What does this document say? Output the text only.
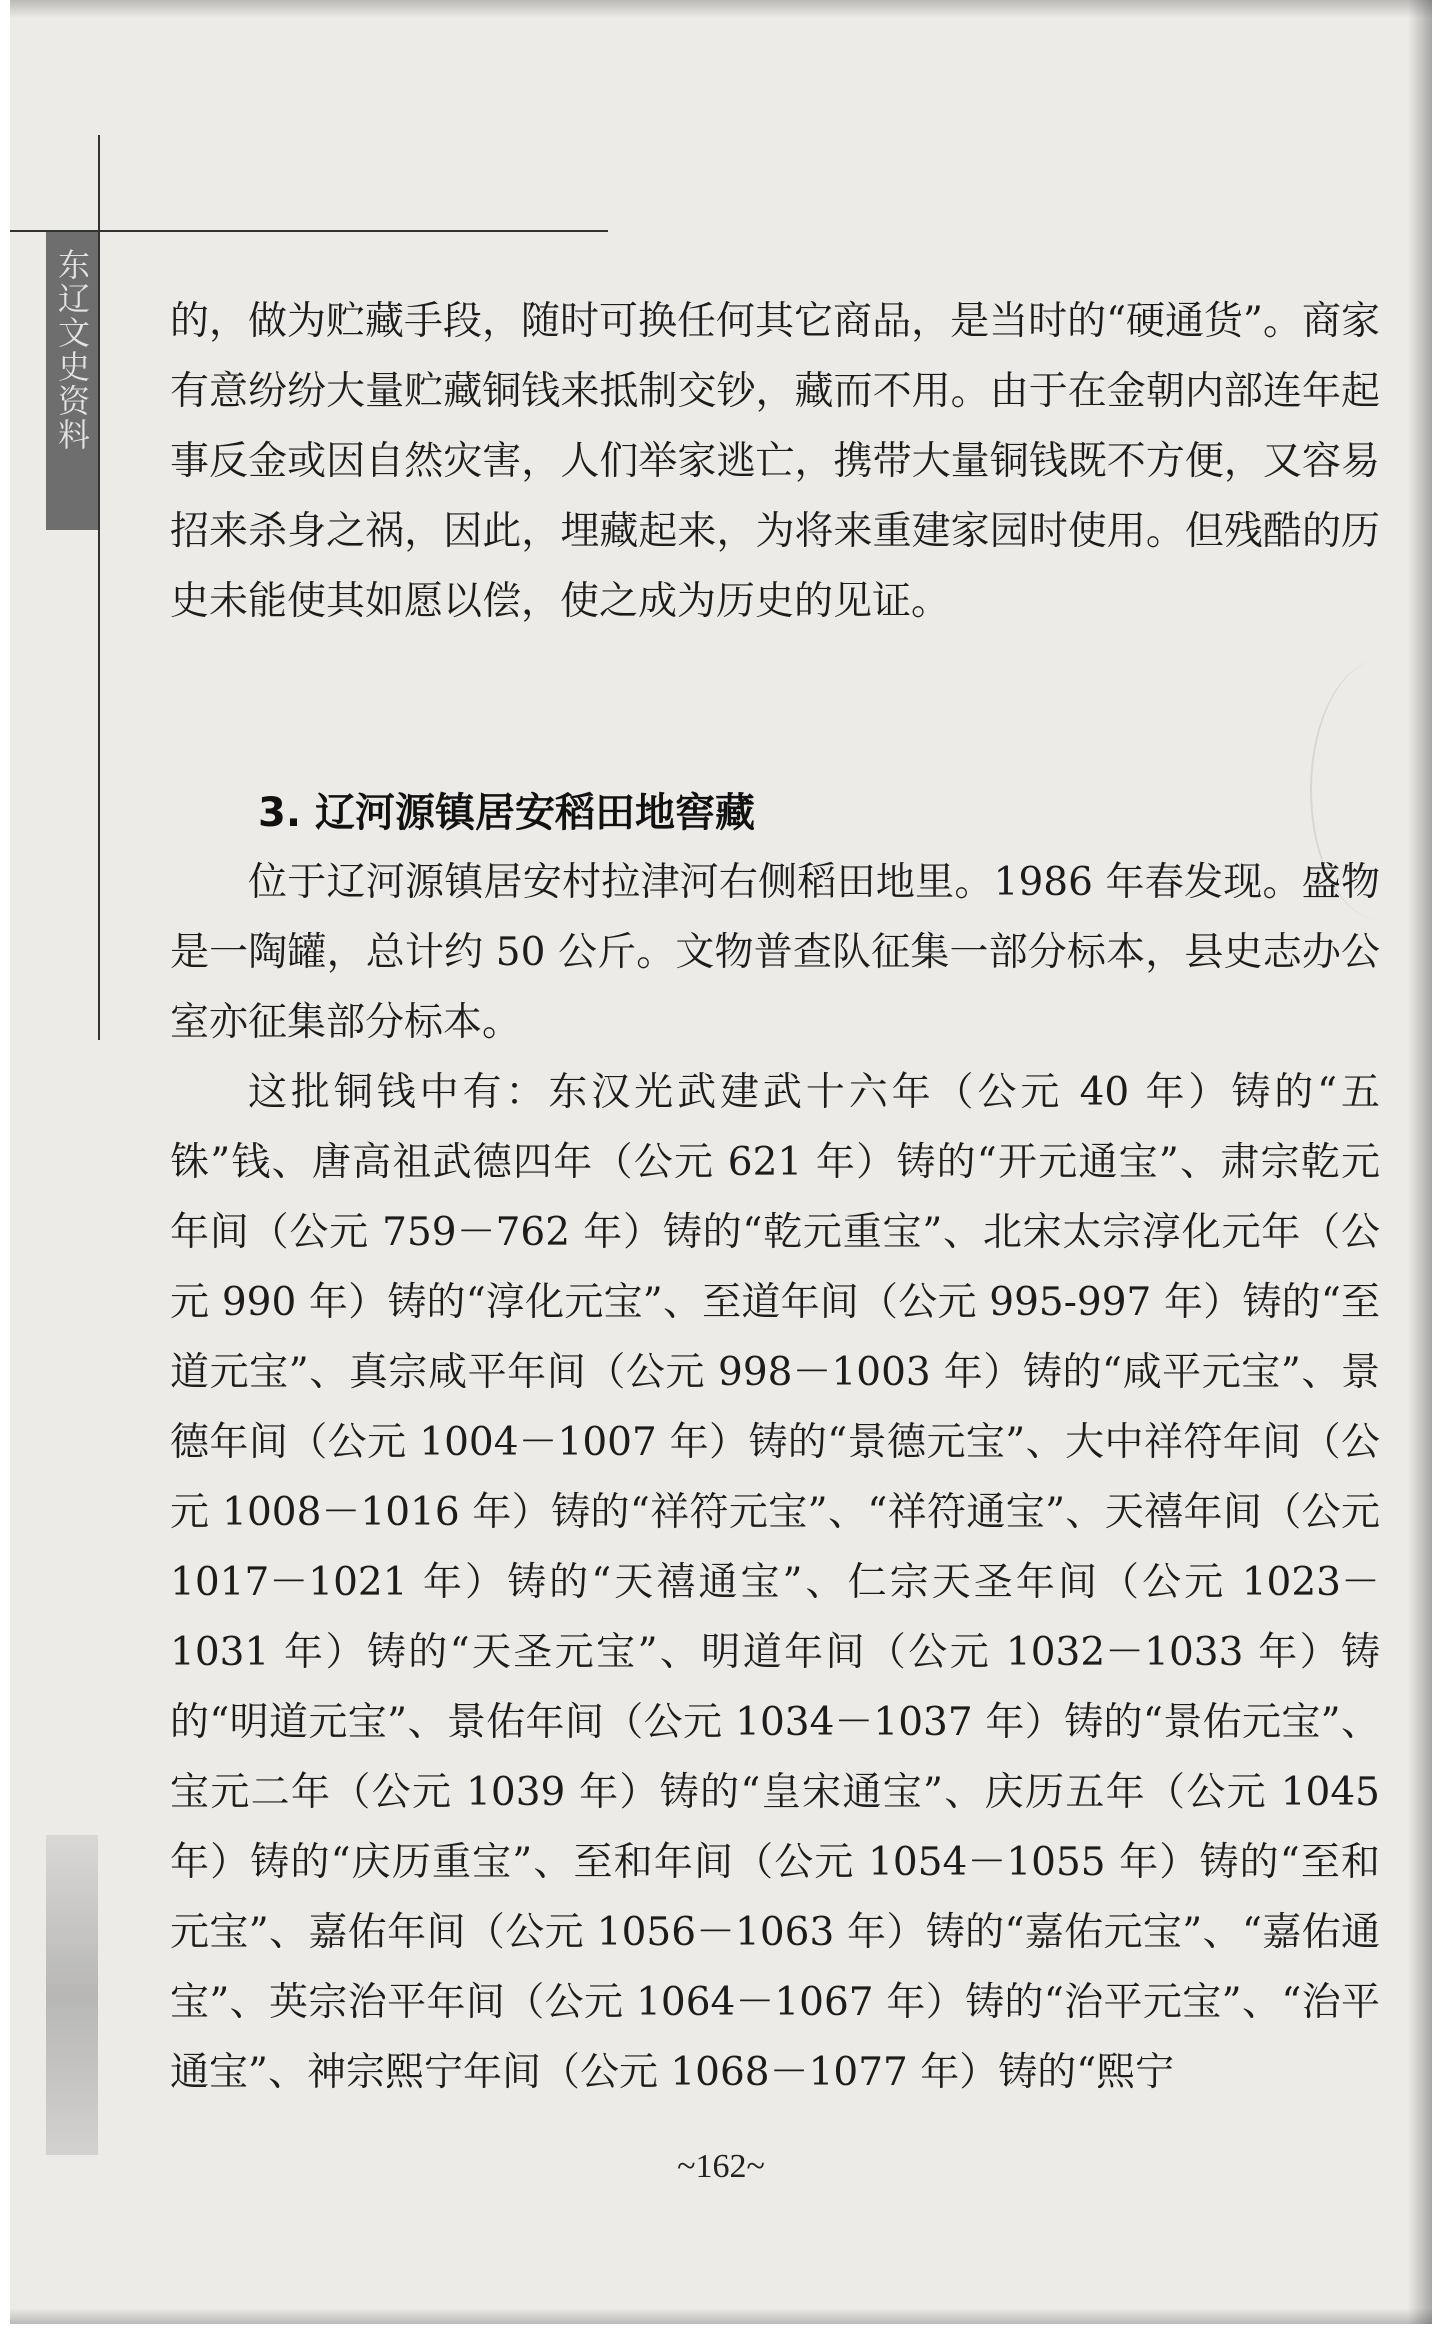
东辽文史资料 的，做为贮藏手段，随时可换任何其它商品，是当时的“硬通货”。商家有意纷纷大量贮藏铜钱来抵制交钞，藏而不用。由于在金朝内部连年起事反金或因自然灾害，人们举家逃亡，携带大量铜钱既不方便，又容易招来杀身之祸，因此，埋藏起来，为将来重建家园时使用。但残酷的历史未能使其如愿以偿，使之成为历史的见证。

3. 辽河源镇居安稻田地窖藏

位于辽河源镇居安村拉津河右侧稻田地里。1986 年春发现。盛物是一陶罐，总计约 50 公斤。文物普查队征集一部分标本，县史志办公室亦征集部分标本。

这批铜钱中有：东汉光武建武十六年（公元 40 年）铸的“五铢”钱、唐高祖武德四年（公元 621 年）铸的“开元通宝”、肃宗乾元年间（公元 759－762 年）铸的“乾元重宝”、北宋太宗淳化元年（公元 990 年）铸的“淳化元宝”、至道年间（公元 995-997 年）铸的“至道元宝”、真宗咸平年间（公元 998－1003 年）铸的“咸平元宝”、景德年间（公元 1004－1007 年）铸的“景德元宝”、大中祥符年间（公元 1008－1016 年）铸的“祥符元宝”、“祥符通宝”、天禧年间（公元 1017－1021 年）铸的“天禧通宝”、仁宗天圣年间（公元 1023－1031 年）铸的“天圣元宝”、明道年间（公元 1032－1033 年）铸的“明道元宝”、景佑年间（公元 1034－1037 年）铸的“景佑元宝”、宝元二年（公元 1039 年）铸的“皇宋通宝”、庆历五年（公元 1045 年）铸的“庆历重宝”、至和年间（公元 1054－1055 年）铸的“至和元宝”、嘉佑年间（公元 1056－1063 年）铸的“嘉佑元宝”、“嘉佑通宝”、英宗治平年间（公元 1064－1067 年）铸的“治平元宝”、“治平通宝”、神宗熙宁年间（公元 1068－1077 年）铸的“熙宁

~162~
